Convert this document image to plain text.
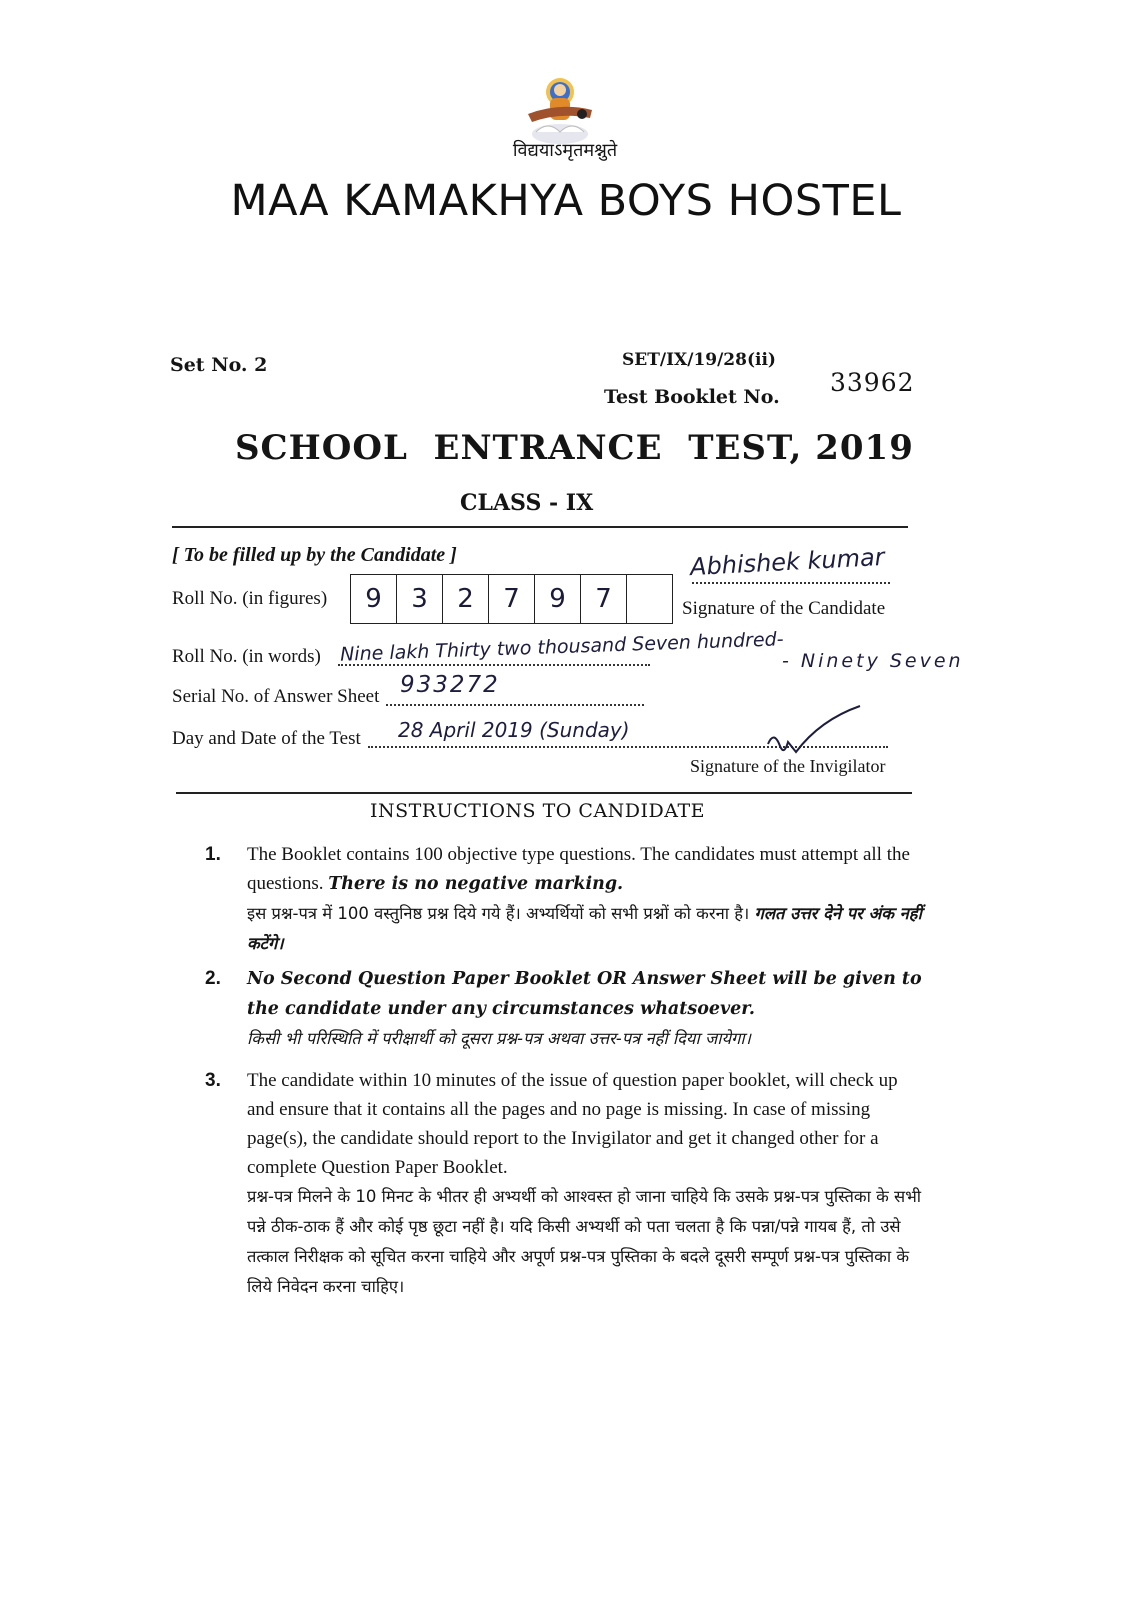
विद्ययाऽमृतमश्नुते
MAA KAMAKHYA BOYS HOSTEL
Set No. 2	SET/IX/19/28(ii)
Test Booklet No. 33962
SCHOOL  ENTRANCE  TEST, 2019
CLASS - IX
[ To be filled up by the Candidate ]
Roll No. (in figures)	9	3	2	7	9	7
Abhishek kumar
Signature of the Candidate
Roll No. (in words) Nine lakh Thirty two thousand Seven hundred-
- Ninety Seven
Serial No. of Answer Sheet 933272
Day and Date of the Test 28 April 2019 (Sunday)
Signature of the Invigilator
INSTRUCTIONS TO CANDIDATE
1. The Booklet contains 100 objective type questions. The candidates must attempt all the questions. There is no negative marking.
इस प्रश्न-पत्र में 100 वस्तुनिष्ठ प्रश्न दिये गये हैं। अभ्यर्थियों को सभी प्रश्नों को करना है। गलत उत्तर देने पर अंक नहीं कटेंगे।
2. No Second Question Paper Booklet OR Answer Sheet will be given to the candidate under any circumstances whatsoever.
किसी भी परिस्थिति में परीक्षार्थी को दूसरा प्रश्न-पत्र अथवा उत्तर-पत्र नहीं दिया जायेगा।
3. The candidate within 10 minutes of the issue of question paper booklet, will check up and ensure that it contains all the pages and no page is missing. In case of missing page(s), the candidate should report to the Invigilator and get it changed other for a complete Question Paper Booklet.
प्रश्न-पत्र मिलने के 10 मिनट के भीतर ही अभ्यर्थी को आश्वस्त हो जाना चाहिये कि उसके प्रश्न-पत्र पुस्तिका के सभी पन्ने ठीक-ठाक हैं और कोई पृष्ठ छूटा नहीं है। यदि किसी अभ्यर्थी को पता चलता है कि पन्ना/पन्ने गायब हैं, तो उसे तत्काल निरीक्षक को सूचित करना चाहिये और अपूर्ण प्रश्न-पत्र पुस्तिका के बदले दूसरी सम्पूर्ण प्रश्न-पत्र पुस्तिका के लिये निवेदन करना चाहिए।
